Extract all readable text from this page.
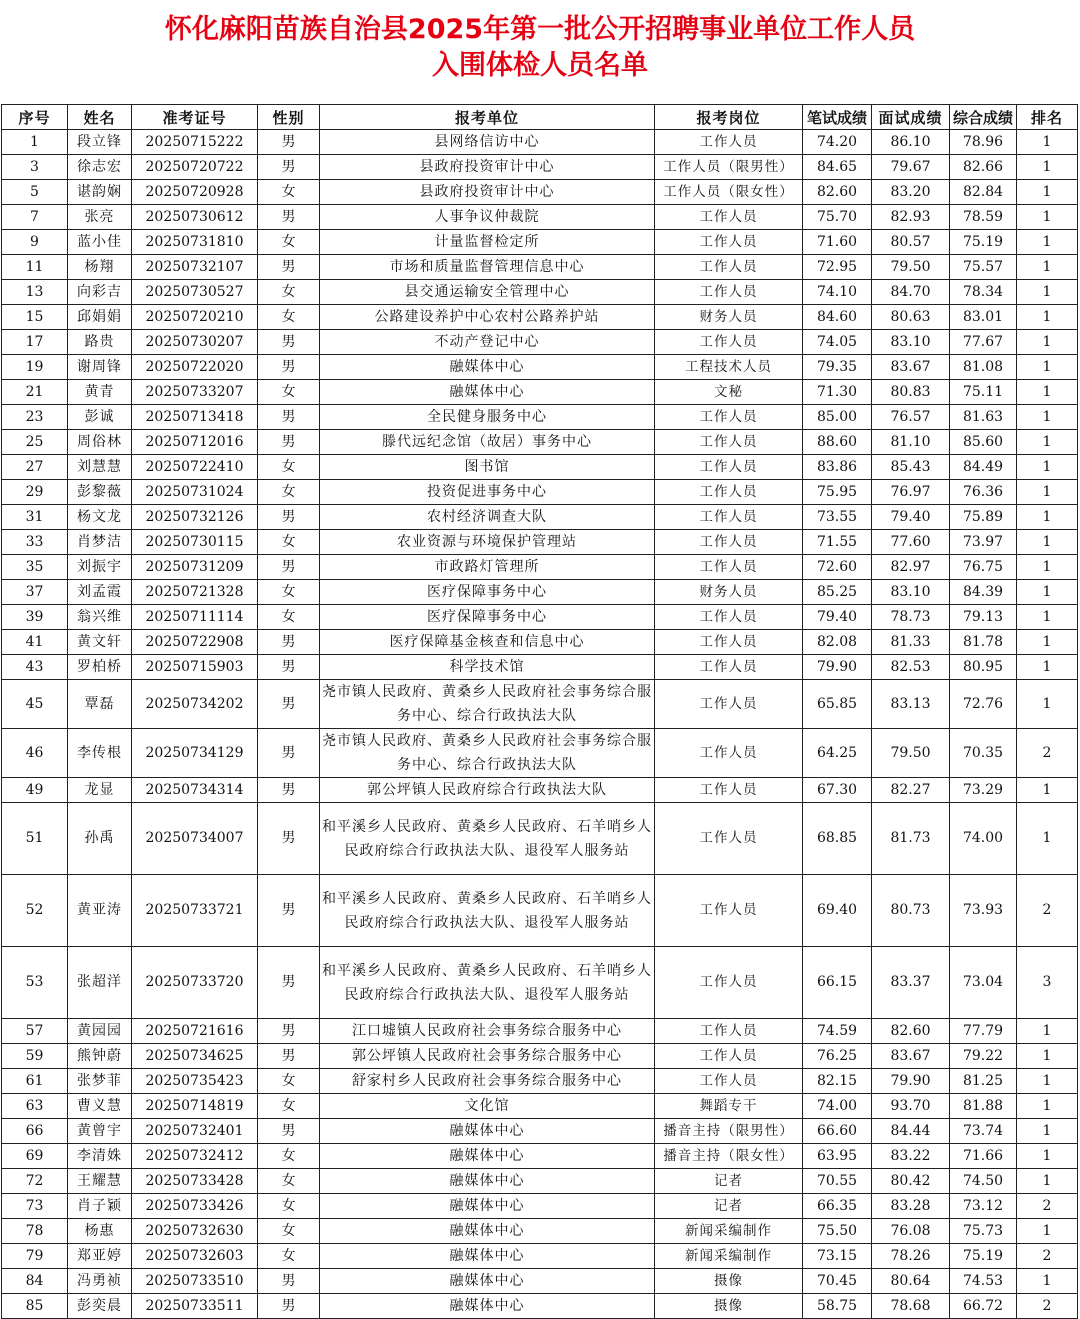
怀化麻阳苗族自治县2025年第一批公开招聘事业单位工作人员
入围体检人员名单
序号	姓名	准考证号	性别	报考单位	报考岗位	笔试成绩	面试成绩	综合成绩	排名
1	段立锋	20250715222	男	县网络信访中心	工作人员	74.20	86.10	78.96	1
3	徐志宏	20250720722	男	县政府投资审计中心	工作人员（限男性）	84.65	79.67	82.66	1
5	谌韵娴	20250720928	女	县政府投资审计中心	工作人员（限女性）	82.60	83.20	82.84	1
7	张亮	20250730612	男	人事争议仲裁院	工作人员	75.70	82.93	78.59	1
9	蓝小佳	20250731810	女	计量监督检定所	工作人员	71.60	80.57	75.19	1
11	杨翔	20250732107	男	市场和质量监督管理信息中心	工作人员	72.95	79.50	75.57	1
13	向彩吉	20250730527	女	县交通运输安全管理中心	工作人员	74.10	84.70	78.34	1
15	邱娟娟	20250720210	女	公路建设养护中心农村公路养护站	财务人员	84.60	80.63	83.01	1
17	路贵	20250730207	男	不动产登记中心	工作人员	74.05	83.10	77.67	1
19	谢周锋	20250722020	男	融媒体中心	工程技术人员	79.35	83.67	81.08	1
21	黄青	20250733207	女	融媒体中心	文秘	71.30	80.83	75.11	1
23	彭诚	20250713418	男	全民健身服务中心	工作人员	85.00	76.57	81.63	1
25	周俗林	20250712016	男	滕代远纪念馆（故居）事务中心	工作人员	88.60	81.10	85.60	1
27	刘慧慧	20250722410	女	图书馆	工作人员	83.86	85.43	84.49	1
29	彭黎薇	20250731024	女	投资促进事务中心	工作人员	75.95	76.97	76.36	1
31	杨文龙	20250732126	男	农村经济调查大队	工作人员	73.55	79.40	75.89	1
33	肖梦洁	20250730115	女	农业资源与环境保护管理站	工作人员	71.55	77.60	73.97	1
35	刘振宇	20250731209	男	市政路灯管理所	工作人员	72.60	82.97	76.75	1
37	刘孟霞	20250721328	女	医疗保障事务中心	财务人员	85.25	83.10	84.39	1
39	翁兴维	20250711114	女	医疗保障事务中心	工作人员	79.40	78.73	79.13	1
41	黄文轩	20250722908	男	医疗保障基金核查和信息中心	工作人员	82.08	81.33	81.78	1
43	罗柏桥	20250715903	男	科学技术馆	工作人员	79.90	82.53	80.95	1
45	覃磊	20250734202	男	尧市镇人民政府、黄桑乡人民政府社会事务综合服务中心、综合行政执法大队	工作人员	65.85	83.13	72.76	1
46	李传根	20250734129	男	尧市镇人民政府、黄桑乡人民政府社会事务综合服务中心、综合行政执法大队	工作人员	64.25	79.50	70.35	2
49	龙显	20250734314	男	郭公坪镇人民政府综合行政执法大队	工作人员	67.30	82.27	73.29	1
51	孙禹	20250734007	男	和平溪乡人民政府、黄桑乡人民政府、石羊哨乡人民政府综合行政执法大队、退役军人服务站	工作人员	68.85	81.73	74.00	1
52	黄亚涛	20250733721	男	和平溪乡人民政府、黄桑乡人民政府、石羊哨乡人民政府综合行政执法大队、退役军人服务站	工作人员	69.40	80.73	73.93	2
53	张超洋	20250733720	男	和平溪乡人民政府、黄桑乡人民政府、石羊哨乡人民政府综合行政执法大队、退役军人服务站	工作人员	66.15	83.37	73.04	3
57	黄园园	20250721616	男	江口墟镇人民政府社会事务综合服务中心	工作人员	74.59	82.60	77.79	1
59	熊钟蔚	20250734625	男	郭公坪镇人民政府社会事务综合服务中心	工作人员	76.25	83.67	79.22	1
61	张梦菲	20250735423	女	舒家村乡人民政府社会事务综合服务中心	工作人员	82.15	79.90	81.25	1
63	曹义慧	20250714819	女	文化馆	舞蹈专干	74.00	93.70	81.88	1
66	黄曾宇	20250732401	男	融媒体中心	播音主持（限男性）	66.60	84.44	73.74	1
69	李清姝	20250732412	女	融媒体中心	播音主持（限女性）	63.95	83.22	71.66	1
72	王耀慧	20250733428	女	融媒体中心	记者	70.55	80.42	74.50	1
73	肖子颖	20250733426	女	融媒体中心	记者	66.35	83.28	73.12	2
78	杨惠	20250732630	女	融媒体中心	新闻采编制作	75.50	76.08	75.73	1
79	郑亚婷	20250732603	女	融媒体中心	新闻采编制作	73.15	78.26	75.19	2
84	冯勇祯	20250733510	男	融媒体中心	摄像	70.45	80.64	74.53	1
85	彭奕晨	20250733511	男	融媒体中心	摄像	58.75	78.68	66.72	2
